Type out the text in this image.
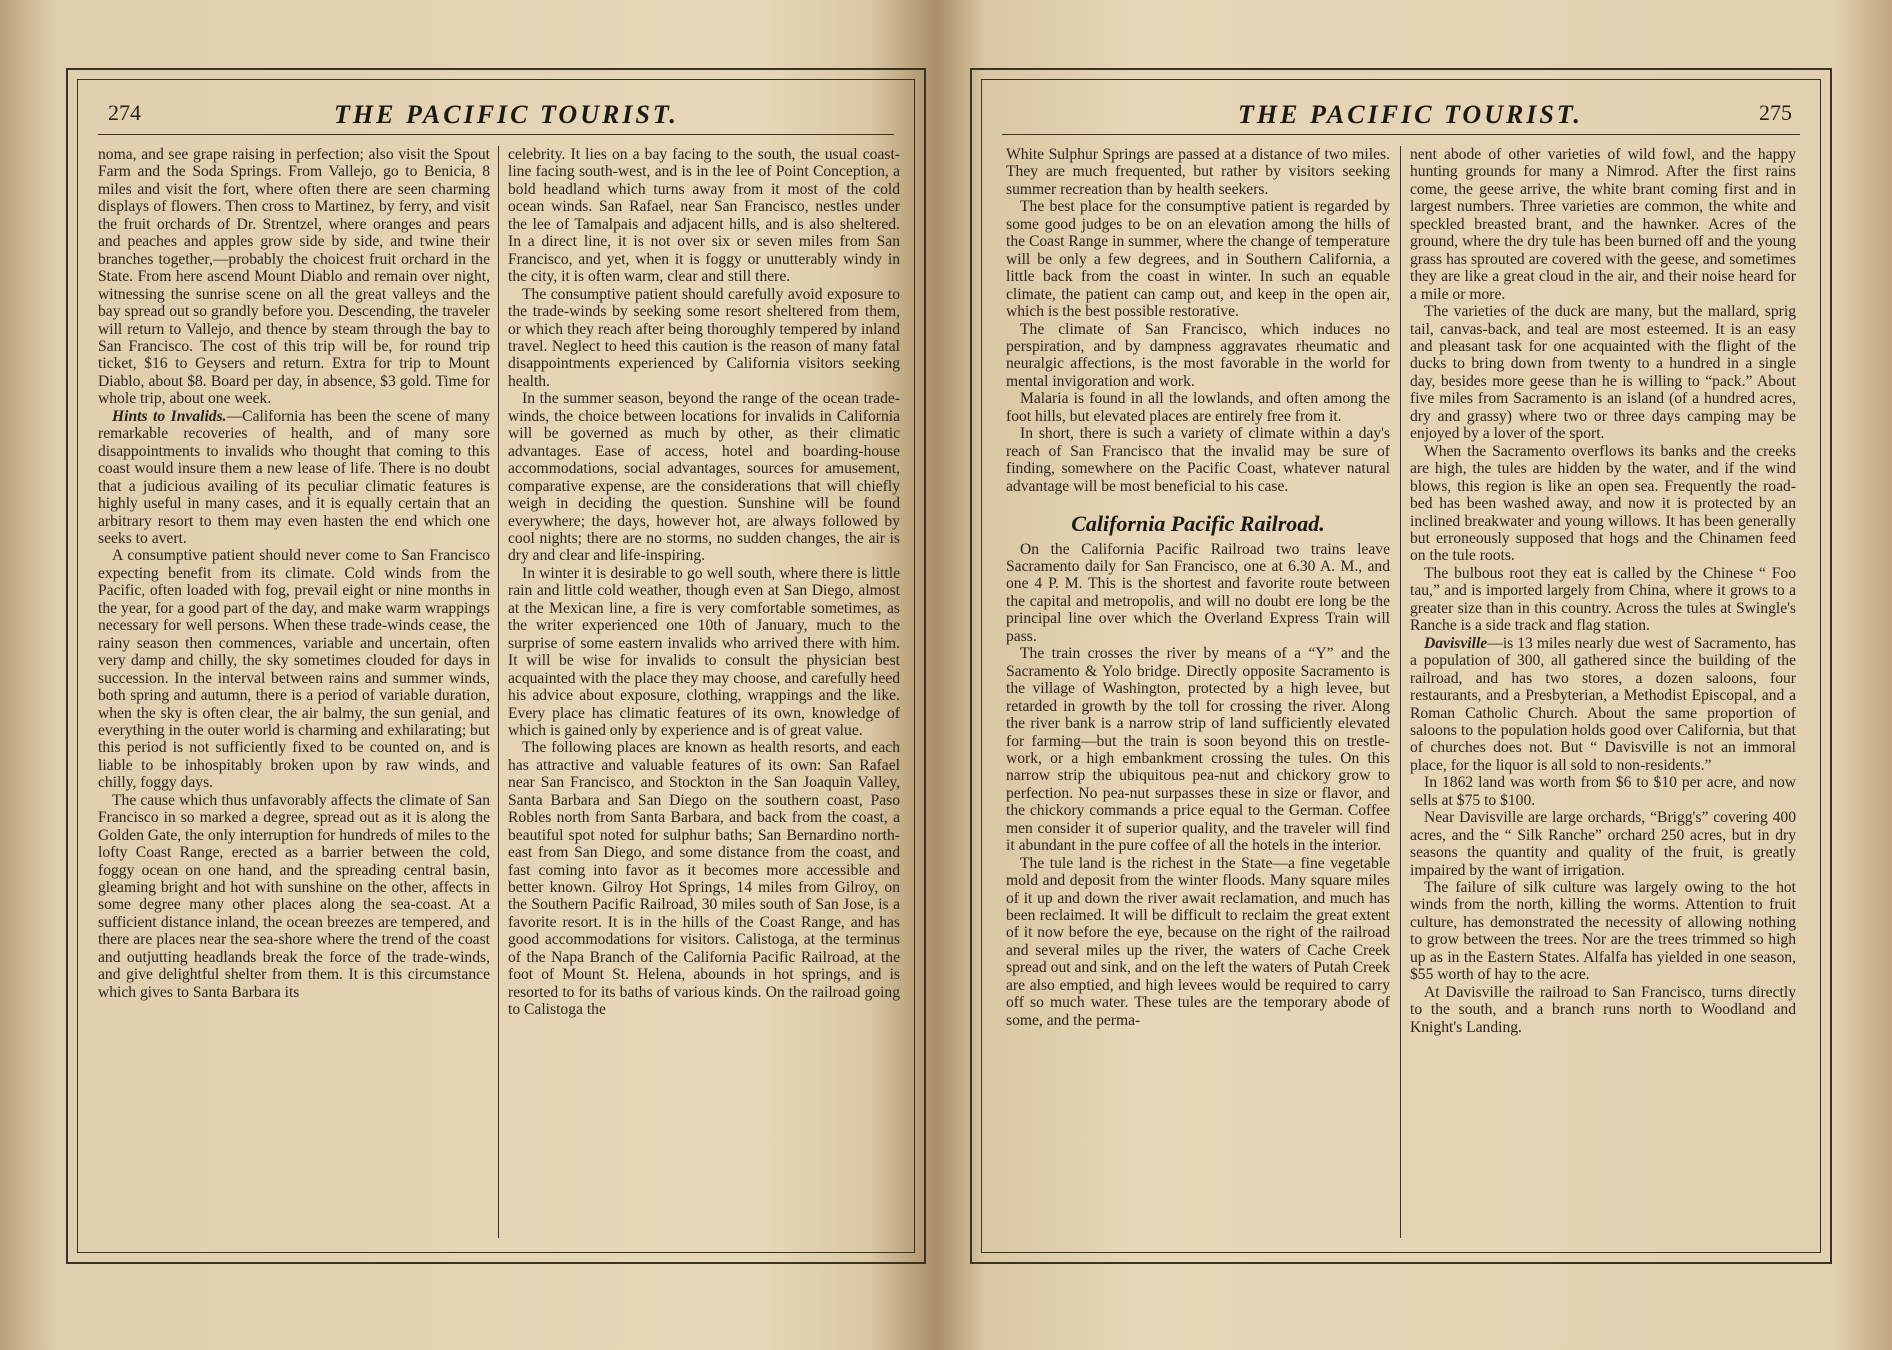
274	THE PACIFIC TOURIST.

noma, and see grape raising in perfection; also visit the Spout Farm and the Soda Springs. From Vallejo, go to Benicia, 8 miles and visit the fort, where often there are seen charming displays of flowers. Then cross to Martinez, by ferry, and visit the fruit orchards of Dr. Strentzel, where oranges and pears and peaches and apples grow side by side, and twine their branches together,—probably the choicest fruit orchard in the State. From here ascend Mount Diablo and remain over night, witnessing the sunrise scene on all the great valleys and the bay spread out so grandly before you. Descending, the traveler will return to Vallejo, and thence by steam through the bay to San Francisco. The cost of this trip will be, for round trip ticket, $16 to Geysers and return. Extra for trip to Mount Diablo, about $8. Board per day, in absence, $3 gold. Time for whole trip, about one week.

Hints to Invalids.—California has been the scene of many remarkable recoveries of health, and of many sore disappointments to invalids who thought that coming to this coast would insure them a new lease of life. There is no doubt that a judicious availing of its peculiar climatic features is highly useful in many cases, and it is equally certain that an arbitrary resort to them may even hasten the end which one seeks to avert.

A consumptive patient should never come to San Francisco expecting benefit from its climate. Cold winds from the Pacific, often loaded with fog, prevail eight or nine months in the year, for a good part of the day, and make warm wrappings necessary for well persons. When these trade-winds cease, the rainy season then commences, variable and uncertain, often very damp and chilly, the sky sometimes clouded for days in succession. In the interval between rains and summer winds, both spring and autumn, there is a period of variable duration, when the sky is often clear, the air balmy, the sun genial, and everything in the outer world is charming and exhilarating; but this period is not sufficiently fixed to be counted on, and is liable to be inhospitably broken upon by raw winds, and chilly, foggy days.

The cause which thus unfavorably affects the climate of San Francisco in so marked a degree, spread out as it is along the Golden Gate, the only interruption for hundreds of miles to the lofty Coast Range, erected as a barrier between the cold, foggy ocean on one hand, and the spreading central basin, gleaming bright and hot with sunshine on the other, affects in some degree many other places along the sea-coast. At a sufficient distance inland, the ocean breezes are tempered, and there are places near the sea-shore where the trend of the coast and outjutting headlands break the force of the trade-winds, and give delightful shelter from them. It is this circumstance which gives to Santa Barbara its

celebrity. It lies on a bay facing to the south, the usual coast-line facing south-west, and is in the lee of Point Conception, a bold headland which turns away from it most of the cold ocean winds. San Rafael, near San Francisco, nestles under the lee of Tamalpais and adjacent hills, and is also sheltered. In a direct line, it is not over six or seven miles from San Francisco, and yet, when it is foggy or unutterably windy in the city, it is often warm, clear and still there.

The consumptive patient should carefully avoid exposure to the trade-winds by seeking some resort sheltered from them, or which they reach after being thoroughly tempered by inland travel. Neglect to heed this caution is the reason of many fatal disappointments experienced by California visitors seeking health.

In the summer season, beyond the range of the ocean trade-winds, the choice between locations for invalids in California will be governed as much by other, as their climatic advantages. Ease of access, hotel and boarding-house accommodations, social advantages, sources for amusement, comparative expense, are the considerations that will chiefly weigh in deciding the question. Sunshine will be found everywhere; the days, however hot, are always followed by cool nights; there are no storms, no sudden changes, the air is dry and clear and life-inspiring.

In winter it is desirable to go well south, where there is little rain and little cold weather, though even at San Diego, almost at the Mexican line, a fire is very comfortable sometimes, as the writer experienced one 10th of January, much to the surprise of some eastern invalids who arrived there with him. It will be wise for invalids to consult the physician best acquainted with the place they may choose, and carefully heed his advice about exposure, clothing, wrappings and the like. Every place has climatic features of its own, knowledge of which is gained only by experience and is of great value.

The following places are known as health resorts, and each has attractive and valuable features of its own: San Rafael near San Francisco, and Stockton in the San Joaquin Valley, Santa Barbara and San Diego on the southern coast, Paso Robles north from Santa Barbara, and back from the coast, a beautiful spot noted for sulphur baths; San Bernardino north-east from San Diego, and some distance from the coast, and fast coming into favor as it becomes more accessible and better known. Gilroy Hot Springs, 14 miles from Gilroy, on the Southern Pacific Railroad, 30 miles south of San Jose, is a favorite resort. It is in the hills of the Coast Range, and has good accommodations for visitors. Calistoga, at the terminus of the Napa Branch of the California Pacific Railroad, at the foot of Mount St. Helena, abounds in hot springs, and is resorted to for its baths of various kinds. On the railroad going to Calistoga the

THE PACIFIC TOURIST.	275

White Sulphur Springs are passed at a distance of two miles. They are much frequented, but rather by visitors seeking summer recreation than by health seekers.

The best place for the consumptive patient is regarded by some good judges to be on an elevation among the hills of the Coast Range in summer, where the change of temperature will be only a few degrees, and in Southern California, a little back from the coast in winter. In such an equable climate, the patient can camp out, and keep in the open air, which is the best possible restorative.

The climate of San Francisco, which induces no perspiration, and by dampness aggravates rheumatic and neuralgic affections, is the most favorable in the world for mental invigoration and work.

Malaria is found in all the lowlands, and often among the foot hills, but elevated places are entirely free from it.

In short, there is such a variety of climate within a day's reach of San Francisco that the invalid may be sure of finding, somewhere on the Pacific Coast, whatever natural advantage will be most beneficial to his case.

California Pacific Railroad.

On the California Pacific Railroad two trains leave Sacramento daily for San Francisco, one at 6.30 A. M., and one 4 P. M. This is the shortest and favorite route between the capital and metropolis, and will no doubt ere long be the principal line over which the Overland Express Train will pass.

The train crosses the river by means of a “Y” and the Sacramento & Yolo bridge. Directly opposite Sacramento is the village of Washington, protected by a high levee, but retarded in growth by the toll for crossing the river. Along the river bank is a narrow strip of land sufficiently elevated for farming—but the train is soon beyond this on trestle-work, or a high embankment crossing the tules. On this narrow strip the ubiquitous pea-nut and chickory grow to perfection. No pea-nut surpasses these in size or flavor, and the chickory commands a price equal to the German. Coffee men consider it of superior quality, and the traveler will find it abundant in the pure coffee of all the hotels in the interior.

The tule land is the richest in the State—a fine vegetable mold and deposit from the winter floods. Many square miles of it up and down the river await reclamation, and much has been reclaimed. It will be difficult to reclaim the great extent of it now before the eye, because on the right of the railroad and several miles up the river, the waters of Cache Creek spread out and sink, and on the left the waters of Putah Creek are also emptied, and high levees would be required to carry off so much water. These tules are the temporary abode of some, and the perma-

nent abode of other varieties of wild fowl, and the happy hunting grounds for many a Nimrod. After the first rains come, the geese arrive, the white brant coming first and in largest numbers. Three varieties are common, the white and speckled breasted brant, and the hawnker. Acres of the ground, where the dry tule has been burned off and the young grass has sprouted are covered with the geese, and sometimes they are like a great cloud in the air, and their noise heard for a mile or more.

The varieties of the duck are many, but the mallard, sprig tail, canvas-back, and teal are most esteemed. It is an easy and pleasant task for one acquainted with the flight of the ducks to bring down from twenty to a hundred in a single day, besides more geese than he is willing to “pack.” About five miles from Sacramento is an island (of a hundred acres, dry and grassy) where two or three days camping may be enjoyed by a lover of the sport.

When the Sacramento overflows its banks and the creeks are high, the tules are hidden by the water, and if the wind blows, this region is like an open sea. Frequently the road-bed has been washed away, and now it is protected by an inclined breakwater and young willows. It has been generally but erroneously supposed that hogs and the Chinamen feed on the tule roots.

The bulbous root they eat is called by the Chinese “ Foo tau,” and is imported largely from China, where it grows to a greater size than in this country. Across the tules at Swingle's Ranche is a side track and flag station.

Davisville—is 13 miles nearly due west of Sacramento, has a population of 300, all gathered since the building of the railroad, and has two stores, a dozen saloons, four restaurants, and a Presbyterian, a Methodist Episcopal, and a Roman Catholic Church. About the same proportion of saloons to the population holds good over California, but that of churches does not. But “ Davisville is not an immoral place, for the liquor is all sold to non-residents.”

In 1862 land was worth from $6 to $10 per acre, and now sells at $75 to $100.

Near Davisville are large orchards, “Brigg's” covering 400 acres, and the “ Silk Ranche” orchard 250 acres, but in dry seasons the quantity and quality of the fruit, is greatly impaired by the want of irrigation.

The failure of silk culture was largely owing to the hot winds from the north, killing the worms. Attention to fruit culture, has demonstrated the necessity of allowing nothing to grow between the trees. Nor are the trees trimmed so high up as in the Eastern States. Alfalfa has yielded in one season, $55 worth of hay to the acre.

At Davisville the railroad to San Francisco, turns directly to the south, and a branch runs north to Woodland and Knight's Landing.
